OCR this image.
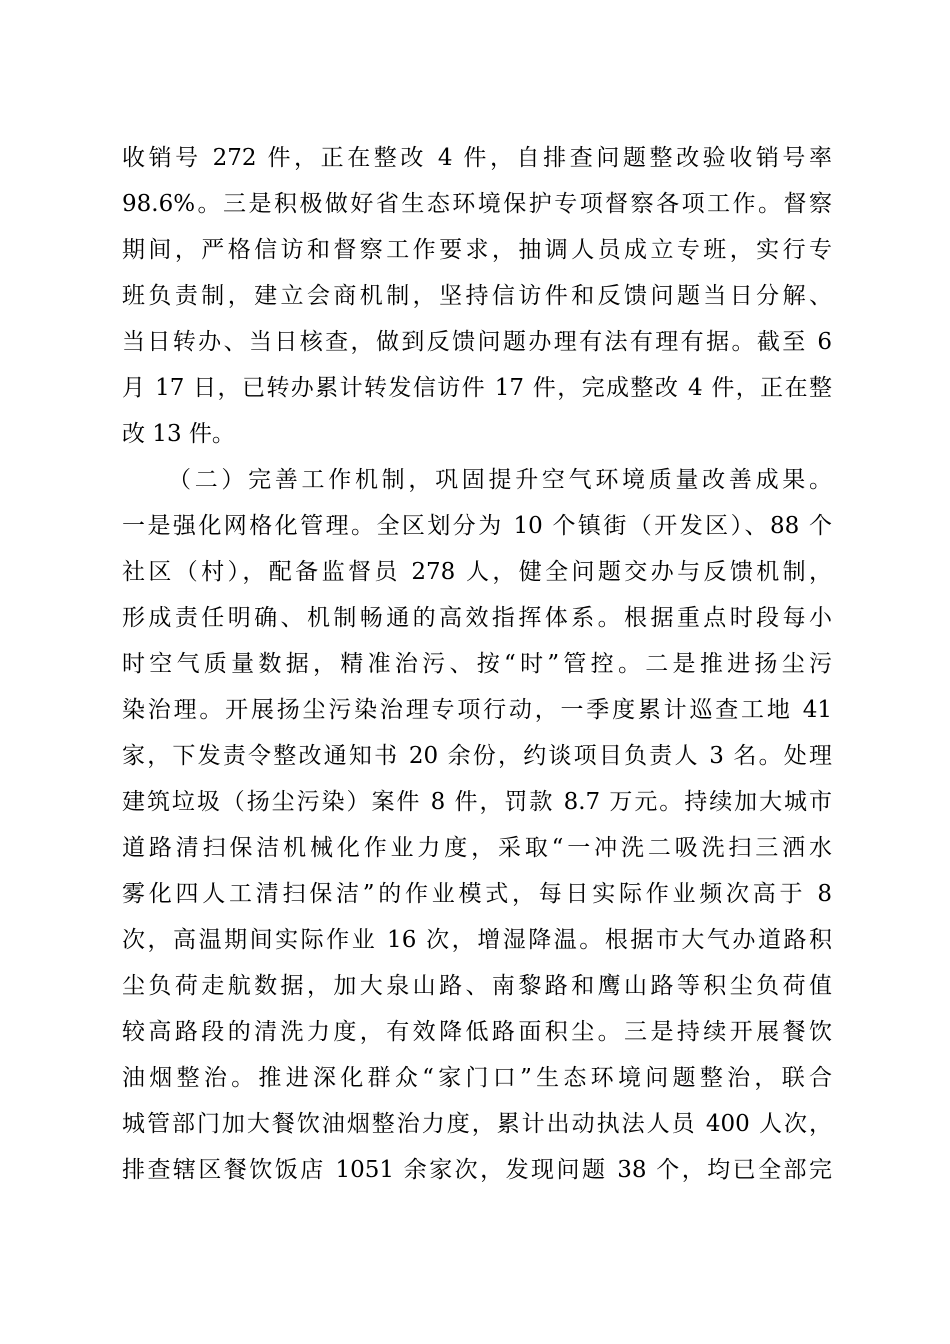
收销号 272 件，正在整改 4 件，自排查问题整改验收销号率
98.6%。三是积极做好省生态环境保护专项督察各项工作。督察
期间，严格信访和督察工作要求，抽调人员成立专班，实行专
班负责制，建立会商机制，坚持信访件和反馈问题当日分解、
当日转办、当日核查，做到反馈问题办理有法有理有据。截至 6
月 17 日，已转办累计转发信访件 17 件，完成整改 4 件，正在整
改 13 件。
（二）完善工作机制，巩固提升空气环境质量改善成果。
一是强化网格化管理。全区划分为 10 个镇街（开发区）、88 个
社区（村），配备监督员 278 人，健全问题交办与反馈机制，
形成责任明确、机制畅通的高效指挥体系。根据重点时段每小
时空气质量数据，精准治污、按“时”管控。二是推进扬尘污
染治理。开展扬尘污染治理专项行动，一季度累计巡查工地 41
家，下发责令整改通知书 20 余份，约谈项目负责人 3 名。处理
建筑垃圾（扬尘污染）案件 8 件，罚款 8.7 万元。持续加大城市
道路清扫保洁机械化作业力度，采取“一冲洗二吸洗扫三洒水
雾化四人工清扫保洁”的作业模式，每日实际作业频次高于 8
次，高温期间实际作业 16 次，增湿降温。根据市大气办道路积
尘负荷走航数据，加大泉山路、南黎路和鹰山路等积尘负荷值
较高路段的清洗力度，有效降低路面积尘。三是持续开展餐饮
油烟整治。推进深化群众“家门口”生态环境问题整治，联合
城管部门加大餐饮油烟整治力度，累计出动执法人员 400 人次，
排查辖区餐饮饭店 1051 余家次，发现问题 38 个，均已全部完
